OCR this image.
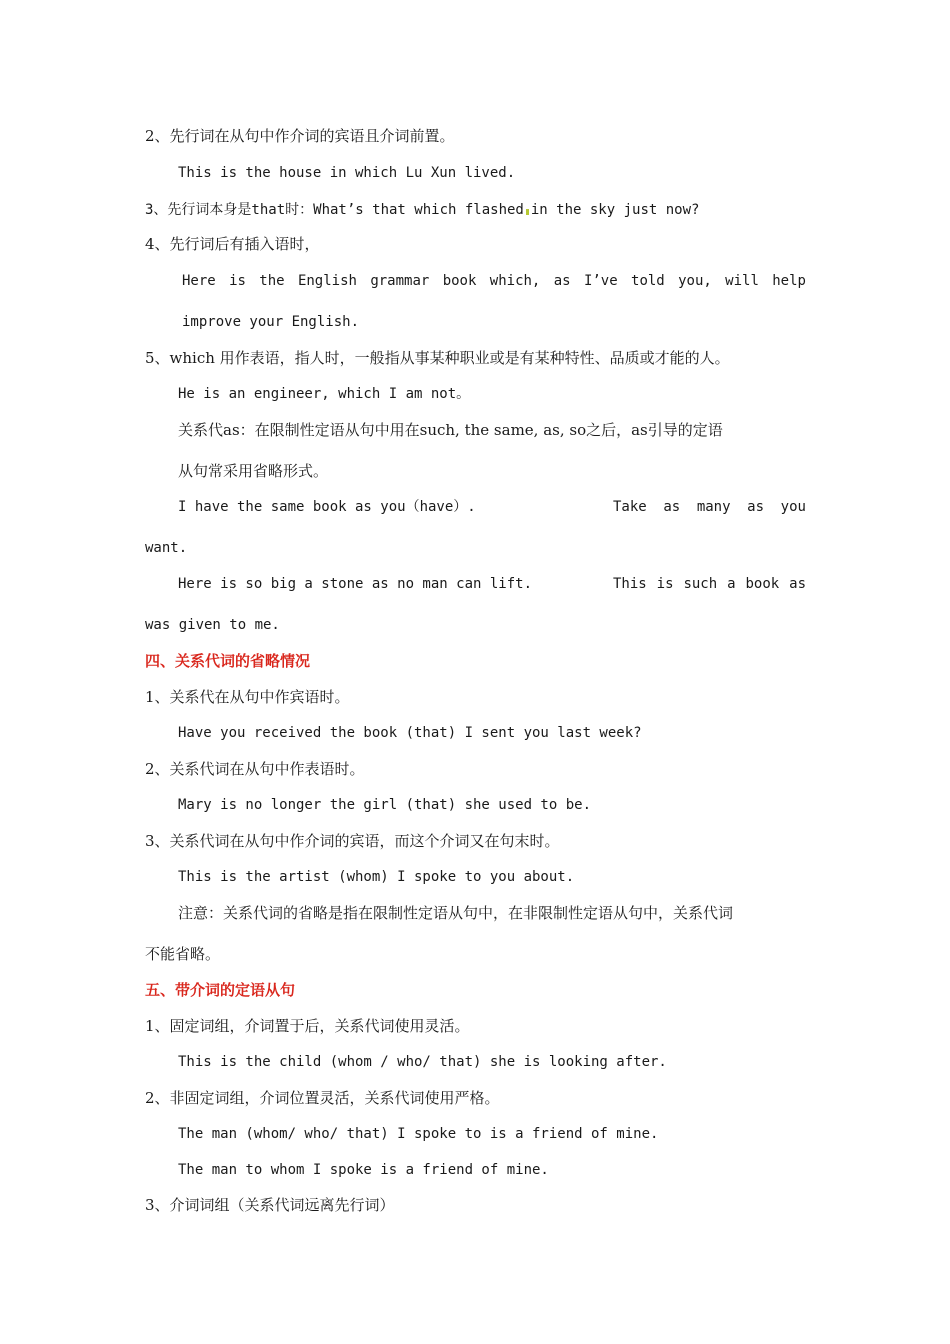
2、先行词在从句中作介词的宾语且介词前置。
This is the house in which Lu Xun lived.
3、先行词本身是that时：What’s that which flashed in the sky just now?
4、先行词后有插入语时，
Here is the English grammar book which, as I’ve told you, will help
improve your English.
5、which 用作表语，指人时，一般指从事某种职业或是有某种特性、品质或才能的人。
He is an engineer, which I am not。
关系代as：在限制性定语从句中用在such, the same, as, so之后，as引导的定语
从句常采用省略形式。
I have the same book as you（have）.	Take as many as you
want.
Here is so big a stone as no man can lift.	This is such a book as
was given to me.
四、关系代词的省略情况
1、关系代在从句中作宾语时。
Have you received the book (that) I sent you last week?
2、关系代词在从句中作表语时。
Mary is no longer the girl (that) she used to be.
3、关系代词在从句中作介词的宾语，而这个介词又在句末时。
This is the artist (whom) I spoke to you about.
注意：关系代词的省略是指在限制性定语从句中，在非限制性定语从句中，关系代词
不能省略。
五、带介词的定语从句
1、固定词组，介词置于后，关系代词使用灵活。
This is the child (whom / who/ that) she is looking after.
2、非固定词组，介词位置灵活，关系代词使用严格。
The man (whom/ who/ that) I spoke to is a friend of mine.
The man to whom I spoke is a friend of mine.
3、介词词组（关系代词远离先行词）
